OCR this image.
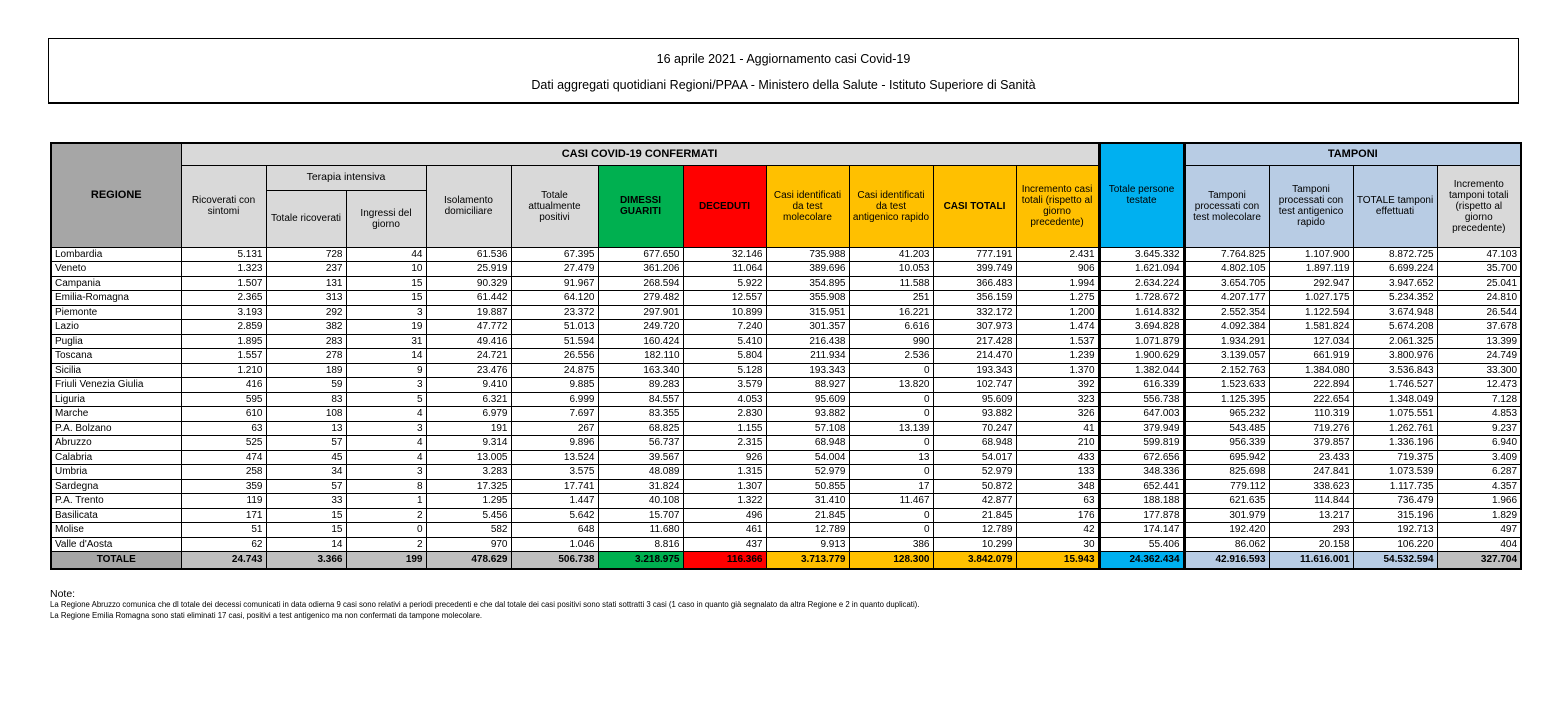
16 aprile 2021 - Aggiornamento casi Covid-19
Dati aggregati quotidiani Regioni/PPAA - Ministero della Salute - Istituto Superiore di Sanità
REGIONE	CASI COVID-19 CONFERMATI											Totale persone testate	TAMPONI			
	Ricoverati con sintomi	Terapia intensiva		Isolamento domiciliare	Totale attualmente positivi	DIMESSI GUARITI	DECEDUTI	Casi identificati da test molecolare	Casi identificati da test antigenico rapido	CASI TOTALI	Incremento casi totali (rispetto al giorno precedente)		Tamponi processati con test molecolare	Tamponi processati con test antigenico rapido	TOTALE tamponi effettuati	Incremento tamponi totali (rispetto al giorno precedente)
		Totale ricoverati	Ingressi del giorno													
Lombardia	5.131	728	44	61.536	67.395	677.650	32.146	735.988	41.203	777.191	2.431	3.645.332	7.764.825	1.107.900	8.872.725	47.103
Veneto	1.323	237	10	25.919	27.479	361.206	11.064	389.696	10.053	399.749	906	1.621.094	4.802.105	1.897.119	6.699.224	35.700
Campania	1.507	131	15	90.329	91.967	268.594	5.922	354.895	11.588	366.483	1.994	2.634.224	3.654.705	292.947	3.947.652	25.041
Emilia-Romagna	2.365	313	15	61.442	64.120	279.482	12.557	355.908	251	356.159	1.275	1.728.672	4.207.177	1.027.175	5.234.352	24.810
Piemonte	3.193	292	3	19.887	23.372	297.901	10.899	315.951	16.221	332.172	1.200	1.614.832	2.552.354	1.122.594	3.674.948	26.544
Lazio	2.859	382	19	47.772	51.013	249.720	7.240	301.357	6.616	307.973	1.474	3.694.828	4.092.384	1.581.824	5.674.208	37.678
Puglia	1.895	283	31	49.416	51.594	160.424	5.410	216.438	990	217.428	1.537	1.071.879	1.934.291	127.034	2.061.325	13.399
Toscana	1.557	278	14	24.721	26.556	182.110	5.804	211.934	2.536	214.470	1.239	1.900.629	3.139.057	661.919	3.800.976	24.749
Sicilia	1.210	189	9	23.476	24.875	163.340	5.128	193.343	0	193.343	1.370	1.382.044	2.152.763	1.384.080	3.536.843	33.300
Friuli Venezia Giulia	416	59	3	9.410	9.885	89.283	3.579	88.927	13.820	102.747	392	616.339	1.523.633	222.894	1.746.527	12.473
Liguria	595	83	5	6.321	6.999	84.557	4.053	95.609	0	95.609	323	556.738	1.125.395	222.654	1.348.049	7.128
Marche	610	108	4	6.979	7.697	83.355	2.830	93.882	0	93.882	326	647.003	965.232	110.319	1.075.551	4.853
P.A. Bolzano	63	13	3	191	267	68.825	1.155	57.108	13.139	70.247	41	379.949	543.485	719.276	1.262.761	9.237
Abruzzo	525	57	4	9.314	9.896	56.737	2.315	68.948	0	68.948	210	599.819	956.339	379.857	1.336.196	6.940
Calabria	474	45	4	13.005	13.524	39.567	926	54.004	13	54.017	433	672.656	695.942	23.433	719.375	3.409
Umbria	258	34	3	3.283	3.575	48.089	1.315	52.979	0	52.979	133	348.336	825.698	247.841	1.073.539	6.287
Sardegna	359	57	8	17.325	17.741	31.824	1.307	50.855	17	50.872	348	652.441	779.112	338.623	1.117.735	4.357
P.A. Trento	119	33	1	1.295	1.447	40.108	1.322	31.410	11.467	42.877	63	188.188	621.635	114.844	736.479	1.966
Basilicata	171	15	2	5.456	5.642	15.707	496	21.845	0	21.845	176	177.878	301.979	13.217	315.196	1.829
Molise	51	15	0	582	648	11.680	461	12.789	0	12.789	42	174.147	192.420	293	192.713	497
Valle d'Aosta	62	14	2	970	1.046	8.816	437	9.913	386	10.299	30	55.406	86.062	20.158	106.220	404
TOTALE	24.743	3.366	199	478.629	506.738	3.218.975	116.366	3.713.779	128.300	3.842.079	15.943	24.362.434	42.916.593	11.616.001	54.532.594	327.704
Note:
La Regione Abruzzo comunica che dl totale dei decessi comunicati in data odierna 9 casi sono relativi a periodi precedenti e che dal totale dei casi positivi sono stati sottratti 3 casi (1 caso in quanto già segnalato da altra Regione e 2 in quanto duplicati).
La Regione Emilia Romagna sono stati eliminati 17 casi, positivi a test antigenico ma non confermati da tampone molecolare.
